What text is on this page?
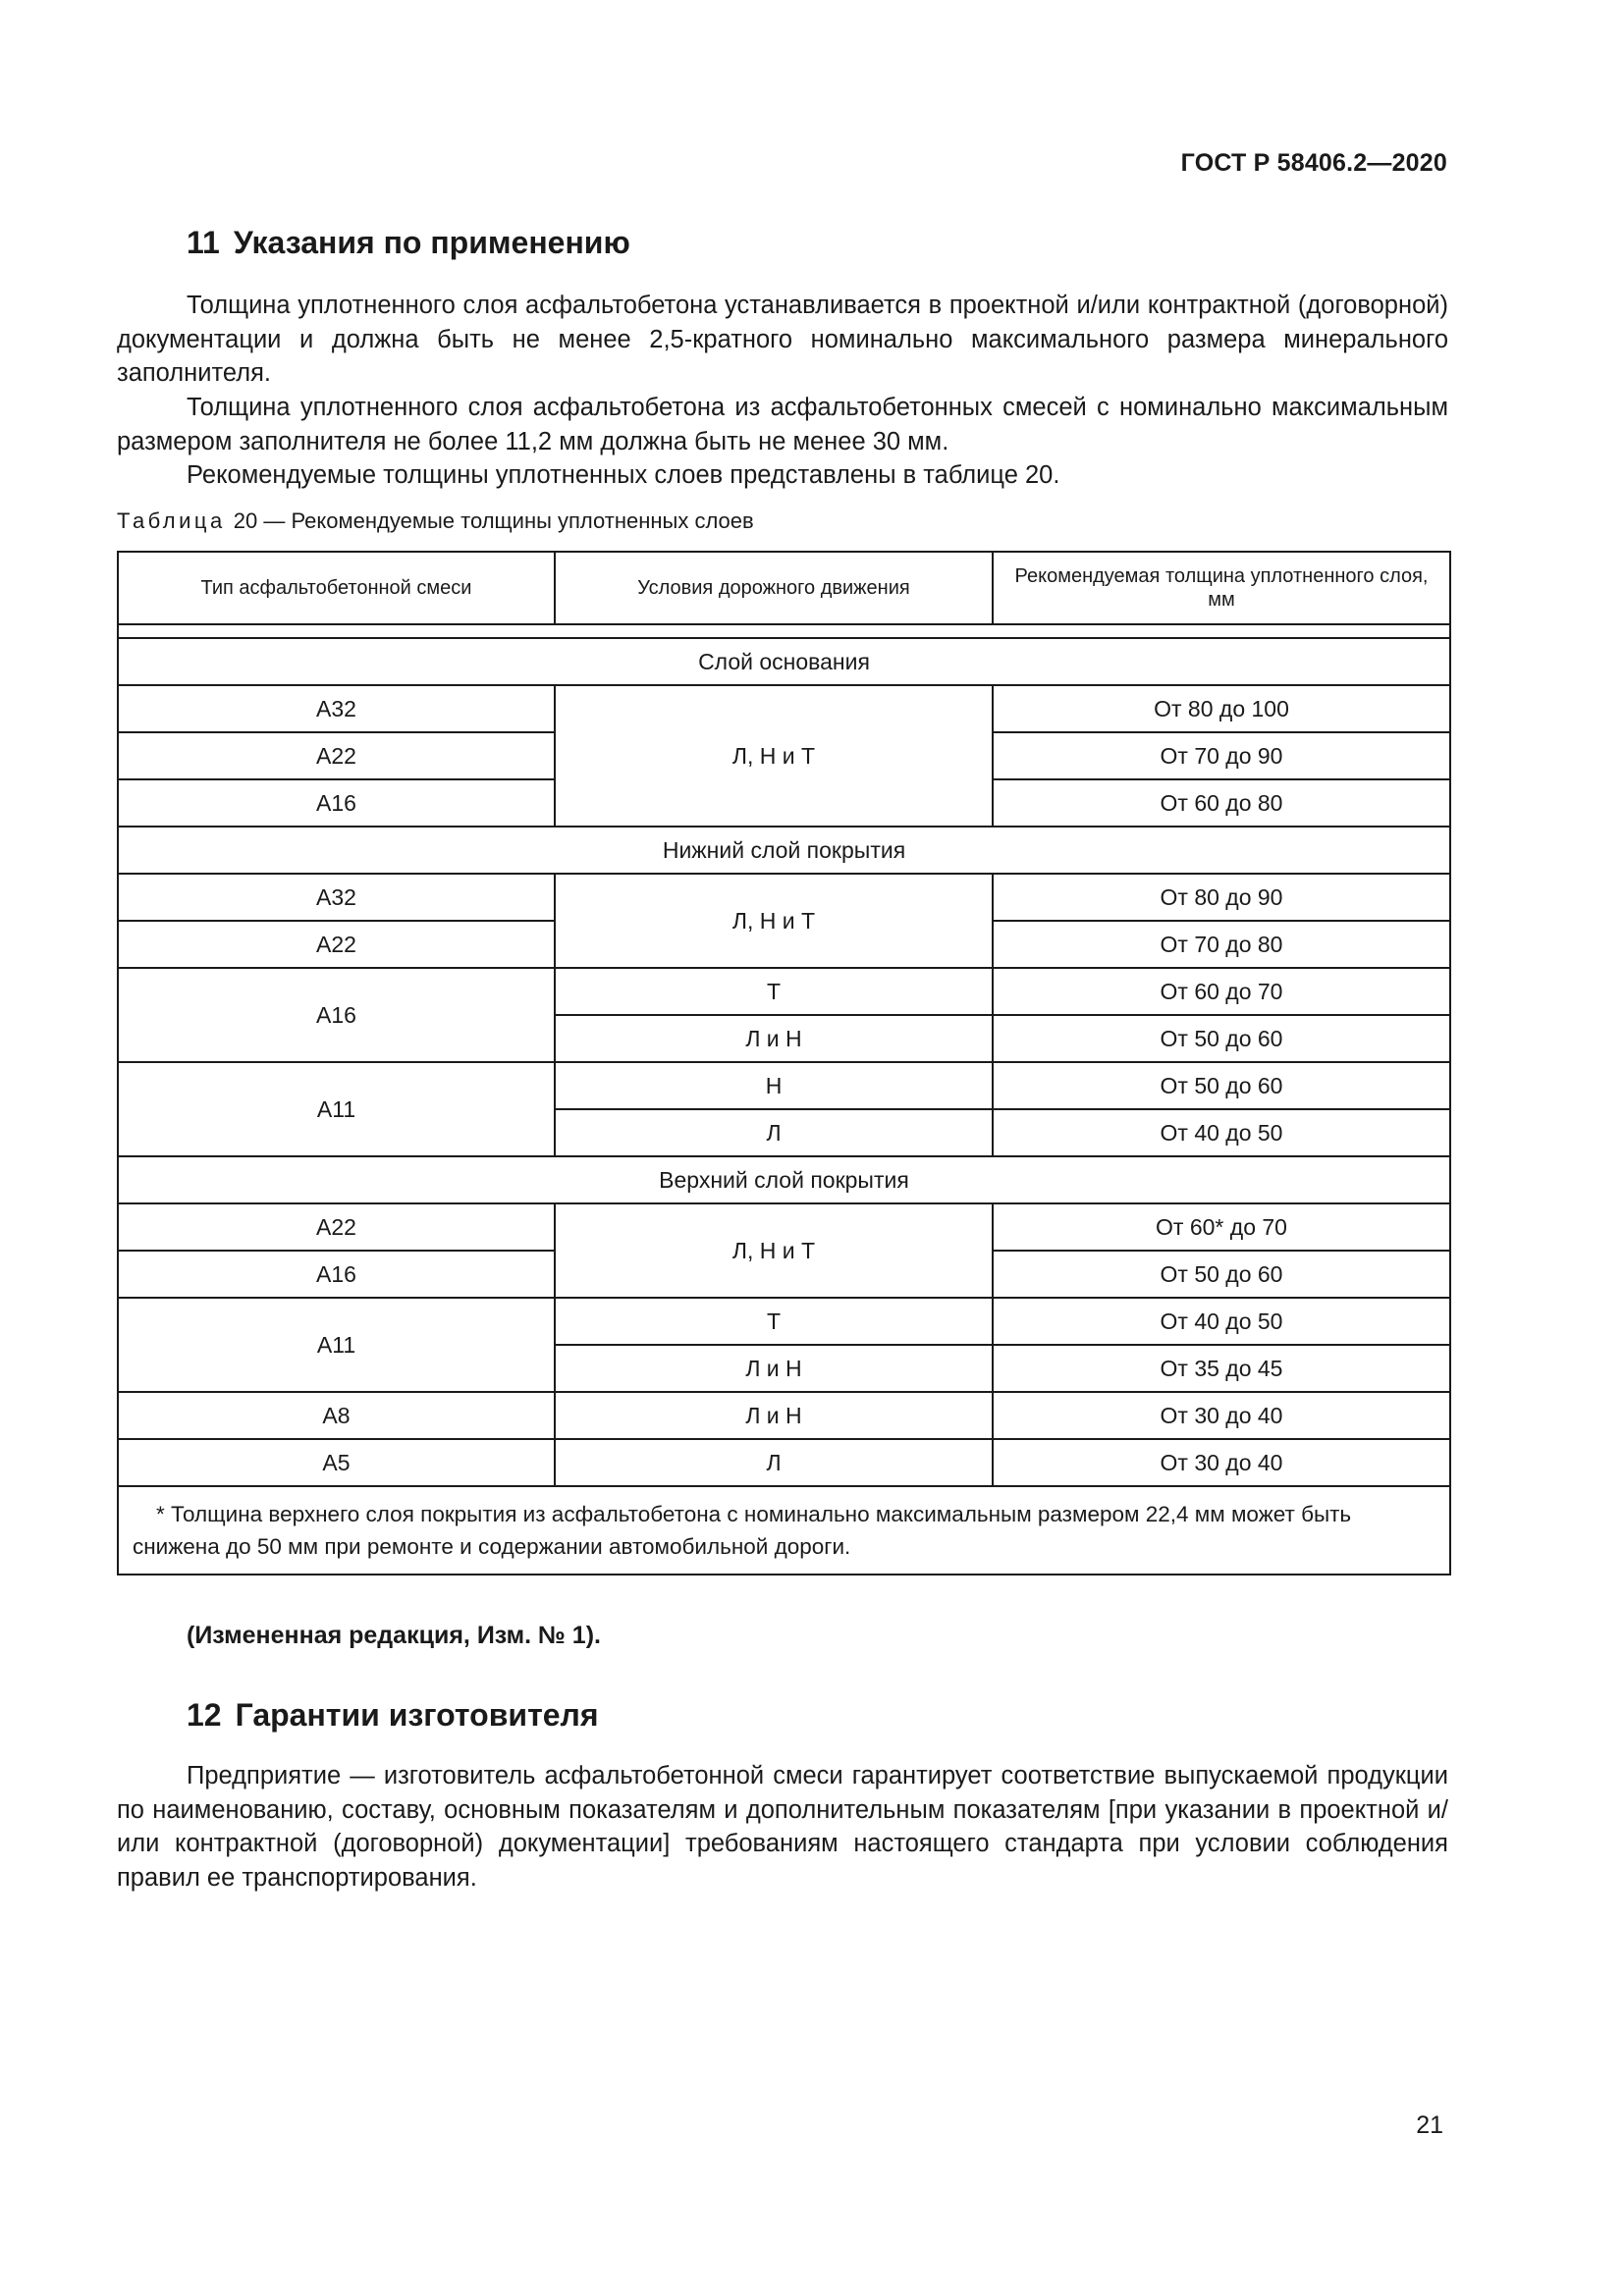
ГОСТ Р 58406.2—2020
11 Указания по применению

Толщина уплотненного слоя асфальтобетона устанавливается в проектной и/или контрактной (договорной) документации и должна быть не менее 2,5-кратного номинально максимального размера минерального заполнителя.

Толщина уплотненного слоя асфальтобетона из асфальтобетонных смесей с номинально максимальным размером заполнителя не более 11,2 мм должна быть не менее 30 мм.

Рекомендуемые толщины уплотненных слоев представлены в таблице 20.

Таблица 20 — Рекомендуемые толщины уплотненных слоев
Тип асфальтобетонной смеси	Условия дорожного движения	Рекомендуемая толщина уплотненного слоя, мм

Слой основания		
А32	Л, Н и Т	От 80 до 100
А22		От 70 до 90
А16		От 60 до 80
Нижний слой покрытия		
А32	Л, Н и Т	От 80 до 90
А22		От 70 до 80
А16	Т	От 60 до 70
	Л и Н	От 50 до 60
А11	Н	От 50 до 60
	Л	От 40 до 50
Верхний слой покрытия		
А22	Л, Н и Т	От 60* до 70
А16		От 50 до 60
А11	Т	От 40 до 50
	Л и Н	От 35 до 45
А8	Л и Н	От 30 до 40
А5	Л	От 30 до 40
* Толщина верхнего слоя покрытия из асфальтобетона с номинально максимальным размером 22,4 мм может быть снижена до 50 мм при ремонте и содержании автомобильной дороги.		
(Измененная редакция, Изм. № 1).
12 Гарантии изготовителя

Предприятие — изготовитель асфальтобетонной смеси гарантирует соответствие выпускаемой продукции по наименованию, составу, основным показателям и дополнительным показателям [при указании в проектной и/или контрактной (договорной) документации] требованиям настоящего стандарта при условии соблюдения правил ее транспортирования.

21
